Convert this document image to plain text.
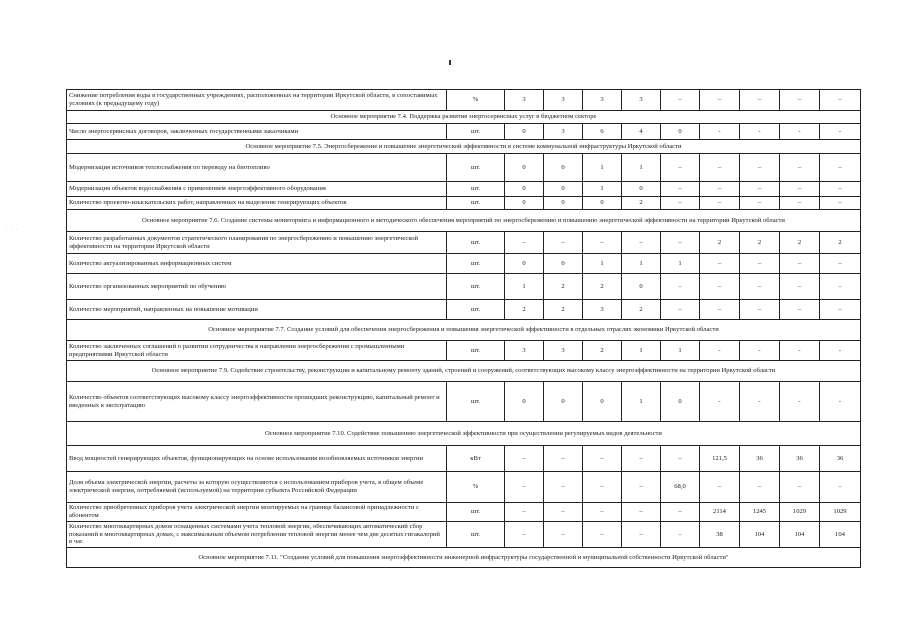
· · ·
Снижение потребления воды в государственных учреждениях, расположенных на территории Иркутской области, в сопоставимых условиях (к предыдущему году)	%	3	3	3	3	–	–	–	–	–
Основное мероприятие 7.4. Поддержка развития энергосервисных услуг в бюджетном секторе										
Число энергосервисных договоров, заключенных государственными заказчиками	шт.	0	3	6	4	0	-	-	-	-
Основное мероприятие 7.5. Энергосбережение и повышение энергетической эффективности в системе коммунальной инфраструктуры Иркутской области										
Модернизация источников теплоснабжения по переводу на биотопливо	шт.	0	0	1	1	–	–	–	–	–
Модернизация объектов водоснабжения с применением энергоэффективного оборудования	шт.	0	0	1	0	–	–	–	–	–
Количество проектно-изыскательских работ, направленных на выделение генерирующих объектов	шт.	0	0	0	2	–	–	–	–	–
Основное мероприятие 7.6. Создание системы мониторинга и информационного и методического обеспечения мероприятий по энергосбережению и повышению энергетической эффективности на территории Иркутской области										
Количество разработанных документов стратегического планирования по энергосбережению и повышению энергетической эффективности на территории Иркутской области	шт.	–	–	–	–	–	2	2	2	2
Количество актуализированных информационных систем	шт.	0	0	1	1	1	–	–	–	–
Количество организованных мероприятий по обучению	шт.	1	2	2	0	–	–	–	–	–
Количество мероприятий, направленных на повышение мотивации	шт.	2	2	3	2	–	–	–	–	–
Основное мероприятие 7.7. Создание условий для обеспечения энергосбережения и повышения энергетической эффективности в отдельных отраслях экономики Иркутской области										
Количество заключенных соглашений о развитии сотрудничества в направлении энергосбережения с промышленными предприятиями Иркутской области	шт.	3	3	2	1	1	-	-	-	-
Основное мероприятие 7.9. Содействие строительству, реконструкции и капитальному ремонту зданий, строений и сооружений, соответствующих высокому классу энергоэффективности на территории Иркутской области										
Количество объектов соответствующих высокому классу энергоэффективности прошедших реконструкцию, капитальный ремонт и введенных в эксплуатацию	шт.	0	0	0	1	0	-	-	-	-
Основное мероприятие 7.10. Содействие повышению энергетической эффективности при осуществлении регулируемых видов деятельности										
Ввод мощностей генерирующих объектов, функционирующих на основе использования возобновляемых источников энергии	кВт	–	–	–	–	–	121,5	36	36	36
Доля объема электрической энергии, расчеты за которую осуществляются с использованием приборов учета, в общем объеме электрической энергии, потребляемой (используемой) на территории субъекта Российской Федерации	%	–	–	–	–	68,0	–	–	–	–
Количество приобретенных приборов учета электрической энергии монтируемых на границе балансовой принадлежности с абонентом	шт.	–	–	–	–	–	2114	1245	1029	1029
Количество многоквартирных домов оснащенных системами учета тепловой энергии, обеспечивающих автоматический сбор показаний в многоквартирных домах, с максимальным объемом потребления тепловой энергии менее чем две десятых гигакалорий в час	шт.	–	–	–	–	–	38	104	104	104
Основное мероприятие 7.11. "Создание условий для повышения энергоэффективности инженерной инфраструктуры государственной и муниципальной собственности Иркутской области"										
